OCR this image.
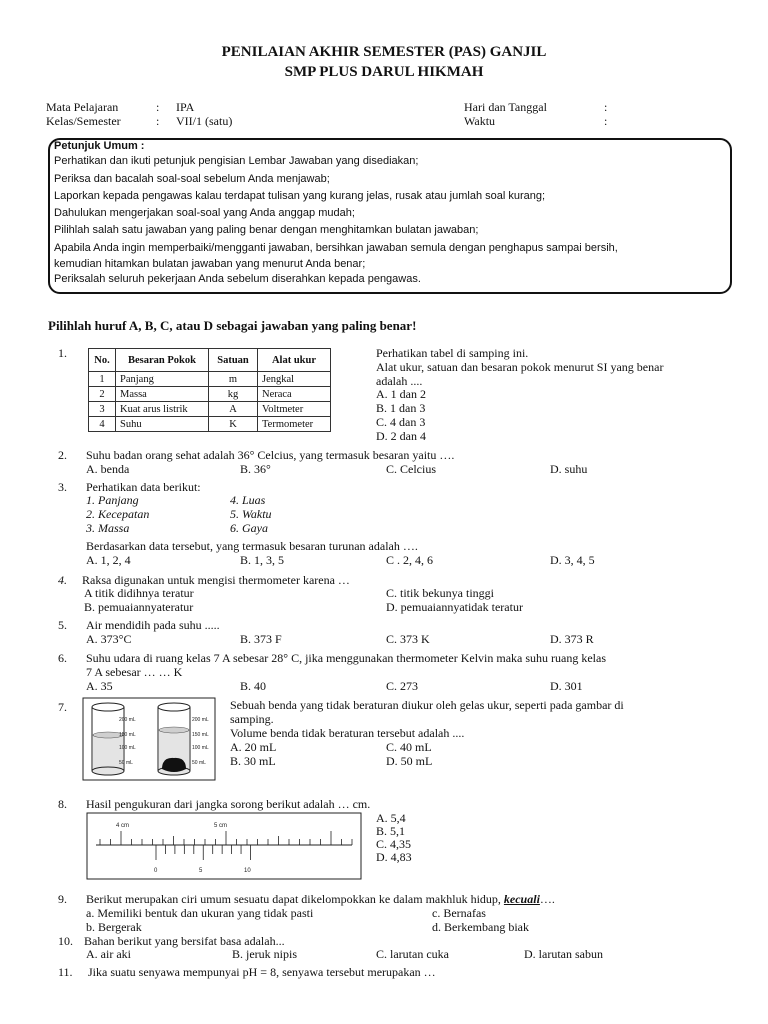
PENILAIAN AKHIR SEMESTER (PAS) GANJIL
SMP PLUS DARUL HIKMAH
Mata Pelajaran	: IPA
Kelas/Semester	: VII/1 (satu)
Hari dan Tanggal	:
Waktu	:
Petunjuk Umum :
Perhatikan dan ikuti petunjuk pengisian Lembar Jawaban yang disediakan;
Periksa dan bacalah soal-soal sebelum Anda menjawab;
Laporkan kepada pengawas kalau terdapat tulisan yang kurang jelas, rusak atau jumlah soal kurang;
Dahulukan mengerjakan soal-soal yang Anda anggap mudah;
Pilihlah salah satu jawaban yang paling benar dengan menghitamkan bulatan jawaban;
Apabila Anda ingin memperbaiki/mengganti jawaban, bersihkan jawaban semula dengan penghapus sampai bersih,
kemudian hitamkan bulatan jawaban yang menurut Anda benar;
Periksalah seluruh pekerjaan Anda sebelum diserahkan kepada pengawas.
Pilihlah huruf A, B, C, atau D sebagai jawaban yang paling benar!
1.	No.	Besaran Pokok	Satuan	Alat ukur
1	Panjang	m	Jengkal
2	Massa	kg	Neraca
3	Kuat arus listrik	A	Voltmeter
4	Suhu	K	Termometer
Perhatikan tabel di samping ini.
Alat ukur, satuan dan besaran pokok menurut SI yang benar
adalah ....
A. 1 dan 2
B. 1 dan 3
C. 4 dan 3
D. 2 dan 4
2. Suhu badan orang sehat adalah 36° Celcius, yang termasuk besaran yaitu ….
A. benda	B. 36°	C. Celcius	D. suhu
3. Perhatikan data berikut:
1. Panjang	4. Luas
2. Kecepatan	5. Waktu
3. Massa	6. Gaya
Berdasarkan data tersebut, yang termasuk besaran turunan adalah ….
A. 1, 2, 4	B. 1, 3, 5	C . 2, 4, 6	D. 3, 4, 5
4. Raksa digunakan untuk mengisi thermometer karena …
A titik didihnya teratur
B. pemuaiannyateratur
C. titik bekunya tinggi
D. pemuaiannyatidak teratur
5. Air mendidih pada suhu .....
A. 373°C	B. 373 F	C. 373 K	D. 373 R
6. Suhu udara di ruang kelas 7 A sebesar 28° C, jika menggunakan thermometer Kelvin maka suhu ruang kelas
7 A sebesar … … K
A. 35	B. 40	C. 273	D. 301
7.
200 mL
150 mL
100 mL
50 mL
200 mL
150 mL
100 mL
50 mL
Sebuah benda yang tidak beraturan diukur oleh gelas ukur, seperti pada gambar di
samping.
Volume benda tidak beraturan tersebut adalah ....
A. 20 mL
B. 30 mL
C. 40 mL
D. 50 mL
8. Hasil pengukuran dari jangka sorong berikut adalah … cm.
4 cm	5 cm
0	5	10
A. 5,4
B. 5,1
C. 4,35
D. 4,83
9. Berikut merupakan ciri umum sesuatu dapat dikelompokkan ke dalam makhluk hidup, kecuali….
a. Memiliki bentuk dan ukuran yang tidak pasti
b. Bergerak
c. Bernafas
d. Berkembang biak
10. Bahan berikut yang bersifat basa adalah...
A. air aki	B. jeruk nipis	C. larutan cuka	D. larutan sabun
11. Jika suatu senyawa mempunyai pH = 8, senyawa tersebut merupakan …
